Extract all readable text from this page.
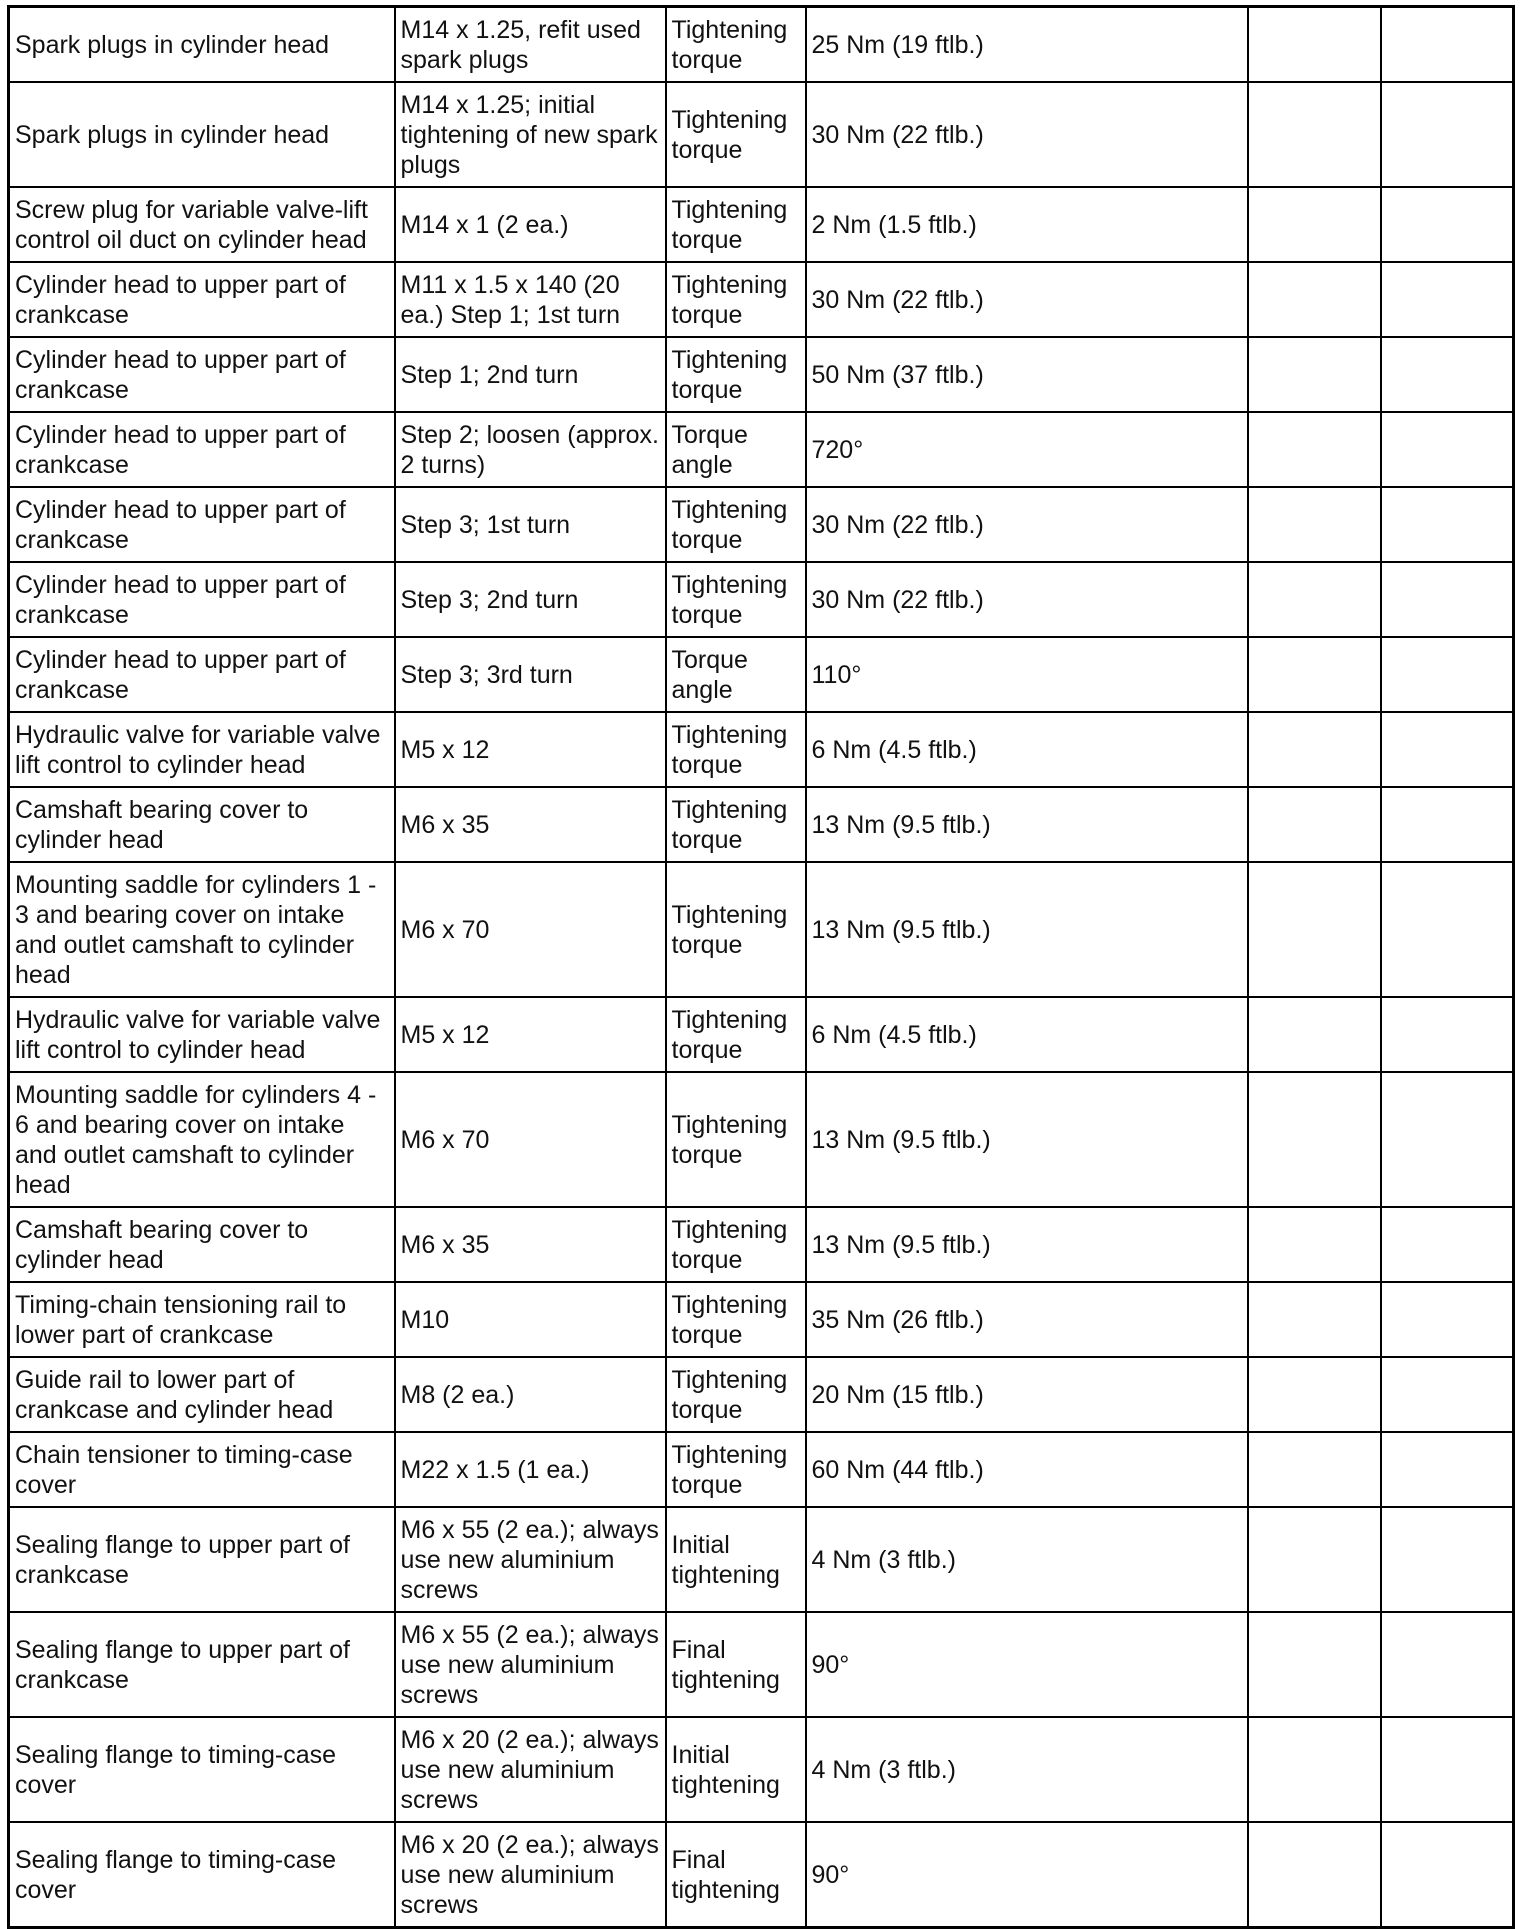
Spark plugs in cylinder head	M14 x 1.25, refit used spark plugs	Tightening torque	25 Nm (19 ftlb.)		
Spark plugs in cylinder head	M14 x 1.25; initial tightening of new spark plugs	Tightening torque	30 Nm (22 ftlb.)		
Screw plug for variable valve-lift control oil duct on cylinder head	M14 x 1 (2 ea.)	Tightening torque	2 Nm (1.5 ftlb.)		
Cylinder head to upper part of crankcase	M11 x 1.5 x 140 (20 ea.) Step 1; 1st turn	Tightening torque	30 Nm (22 ftlb.)		
Cylinder head to upper part of crankcase	Step 1; 2nd turn	Tightening torque	50 Nm (37 ftlb.)		
Cylinder head to upper part of crankcase	Step 2; loosen (approx. 2 turns)	Torque angle	720°		
Cylinder head to upper part of crankcase	Step 3; 1st turn	Tightening torque	30 Nm (22 ftlb.)		
Cylinder head to upper part of crankcase	Step 3; 2nd turn	Tightening torque	30 Nm (22 ftlb.)		
Cylinder head to upper part of crankcase	Step 3; 3rd turn	Torque angle	110°		
Hydraulic valve for variable valve lift control to cylinder head	M5 x 12	Tightening torque	6 Nm (4.5 ftlb.)		
Camshaft bearing cover to cylinder head	M6 x 35	Tightening torque	13 Nm (9.5 ftlb.)		
Mounting saddle for cylinders 1 - 3 and bearing cover on intake and outlet camshaft to cylinder head	M6 x 70	Tightening torque	13 Nm (9.5 ftlb.)		
Hydraulic valve for variable valve lift control to cylinder head	M5 x 12	Tightening torque	6 Nm (4.5 ftlb.)		
Mounting saddle for cylinders 4 - 6 and bearing cover on intake and outlet camshaft to cylinder head	M6 x 70	Tightening torque	13 Nm (9.5 ftlb.)		
Camshaft bearing cover to cylinder head	M6 x 35	Tightening torque	13 Nm (9.5 ftlb.)		
Timing-chain tensioning rail to lower part of crankcase	M10	Tightening torque	35 Nm (26 ftlb.)		
Guide rail to lower part of crankcase and cylinder head	M8 (2 ea.)	Tightening torque	20 Nm (15 ftlb.)		
Chain tensioner to timing-case cover	M22 x 1.5 (1 ea.)	Tightening torque	60 Nm (44 ftlb.)		
Sealing flange to upper part of crankcase	M6 x 55 (2 ea.); always use new aluminium screws	Initial tightening	4 Nm (3 ftlb.)		
Sealing flange to upper part of crankcase	M6 x 55 (2 ea.); always use new aluminium screws	Final tightening	90°		
Sealing flange to timing-case cover	M6 x 20 (2 ea.); always use new aluminium screws	Initial tightening	4 Nm (3 ftlb.)		
Sealing flange to timing-case cover	M6 x 20 (2 ea.); always use new aluminium screws	Final tightening	90°		
